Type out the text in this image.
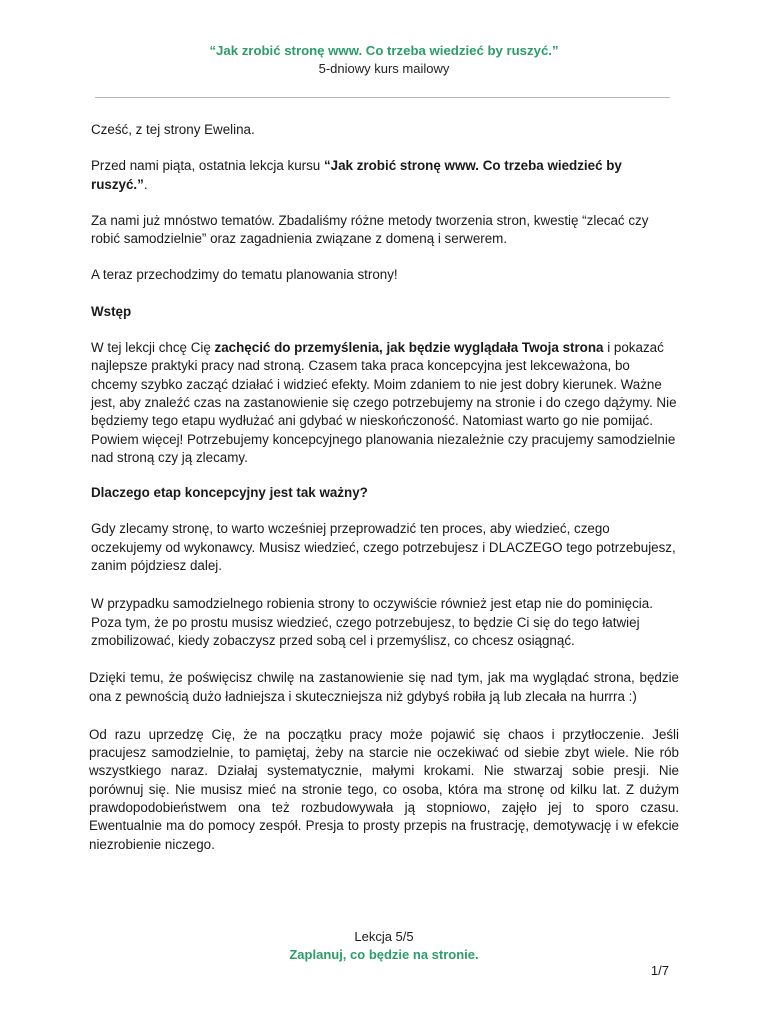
“Jak zrobić stronę www. Co trzeba wiedzieć by ruszyć.”
5-dniowy kurs mailowy

Cześć, z tej strony Ewelina.

Przed nami piąta, ostatnia lekcja kursu “Jak zrobić stronę www. Co trzeba wiedzieć by ruszyć.”.

Za nami już mnóstwo tematów. Zbadaliśmy różne metody tworzenia stron, kwestię “zlecać czy robić samodzielnie” oraz zagadnienia związane z domeną i serwerem.

A teraz przechodzimy do tematu planowania strony!

Wstęp

W tej lekcji chcę Cię zachęcić do przemyślenia, jak będzie wyglądała Twoja strona i pokazać najlepsze praktyki pracy nad stroną. Czasem taka praca koncepcyjna jest lekceważona, bo chcemy szybko zacząć działać i widzieć efekty. Moim zdaniem to nie jest dobry kierunek. Ważne jest, aby znaleźć czas na zastanowienie się czego potrzebujemy na stronie i do czego dążymy. Nie będziemy tego etapu wydłużać ani gdybać w nieskończoność. Natomiast warto go nie pomijać. Powiem więcej! Potrzebujemy koncepcyjnego planowania niezależnie czy pracujemy samodzielnie nad stroną czy ją zlecamy.

Dlaczego etap koncepcyjny jest tak ważny?

Gdy zlecamy stronę, to warto wcześniej przeprowadzić ten proces, aby wiedzieć, czego oczekujemy od wykonawcy. Musisz wiedzieć, czego potrzebujesz i DLACZEGO tego potrzebujesz, zanim pójdziesz dalej.

W przypadku samodzielnego robienia strony to oczywiście również jest etap nie do pominięcia. Poza tym, że po prostu musisz wiedzieć, czego potrzebujesz, to będzie Ci się do tego łatwiej zmobilizować, kiedy zobaczysz przed sobą cel i przemyślisz, co chcesz osiągnąć.

Dzięki temu, że poświęcisz chwilę na zastanowienie się nad tym, jak ma wyglądać strona, będzie ona z pewnością dużo ładniejsza i skuteczniejsza niż gdybyś robiła ją lub zlecała na hurrra :)

Od razu uprzedzę Cię, że na początku pracy może pojawić się chaos i przytłoczenie. Jeśli pracujesz samodzielnie, to pamiętaj, żeby na starcie nie oczekiwać od siebie zbyt wiele. Nie rób wszystkiego naraz. Działaj systematycznie, małymi krokami. Nie stwarzaj sobie presji. Nie porównuj się. Nie musisz mieć na stronie tego, co osoba, która ma stronę od kilku lat. Z dużym prawdopodobieństwem ona też rozbudowywała ją stopniowo, zajęło jej to sporo czasu. Ewentualnie ma do pomocy zespół. Presja to prosty przepis na frustrację, demotywację i w efekcie niezrobienie niczego.

Lekcja 5/5
Zaplanuj, co będzie na stronie.
1/7
